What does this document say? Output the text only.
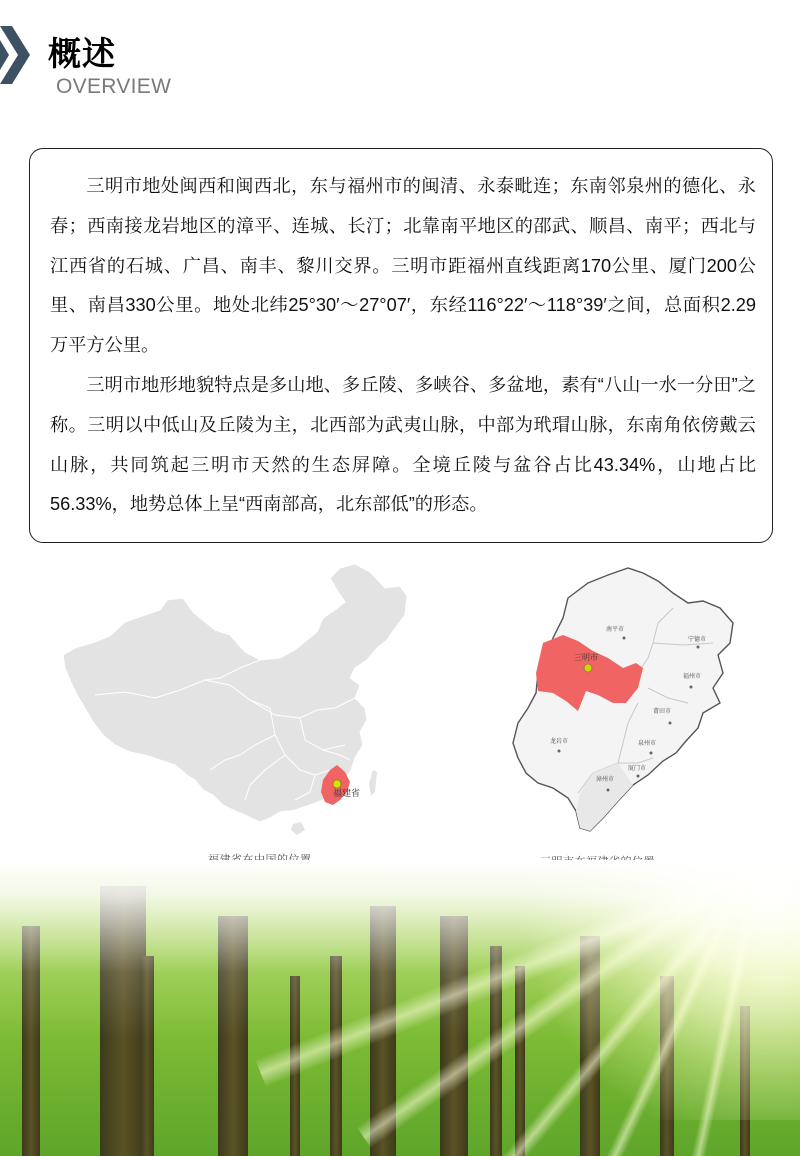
概述
OVERVIEW

三明市地处闽西和闽西北，东与福州市的闽清、永泰毗连；东南邻泉州的德化、永春；西南接龙岩地区的漳平、连城、长汀；北靠南平地区的邵武、顺昌、南平；西北与江西省的石城、广昌、南丰、黎川交界。三明市距福州直线距离170公里、厦门200公里、南昌330公里。地处北纬25°30′～27°07′，东经116°22′～118°39′之间，总面积2.29万平方公里。

三明市地形地貌特点是多山地、多丘陵、多峡谷、多盆地，素有“八山一水一分田”之称。三明以中低山及丘陵为主，北西部为武夷山脉，中部为玳瑁山脉，东南角依傍戴云山脉，共同筑起三明市天然的生态屏障。全境丘陵与盆谷占比43.34%，山地占比56.33%，地势总体上呈“西南部高，北东部低”的形态。

福建省
三明市
南平市
宁德市
福州市
莆田市
泉州市
厦门市
漳州市
龙岩市
